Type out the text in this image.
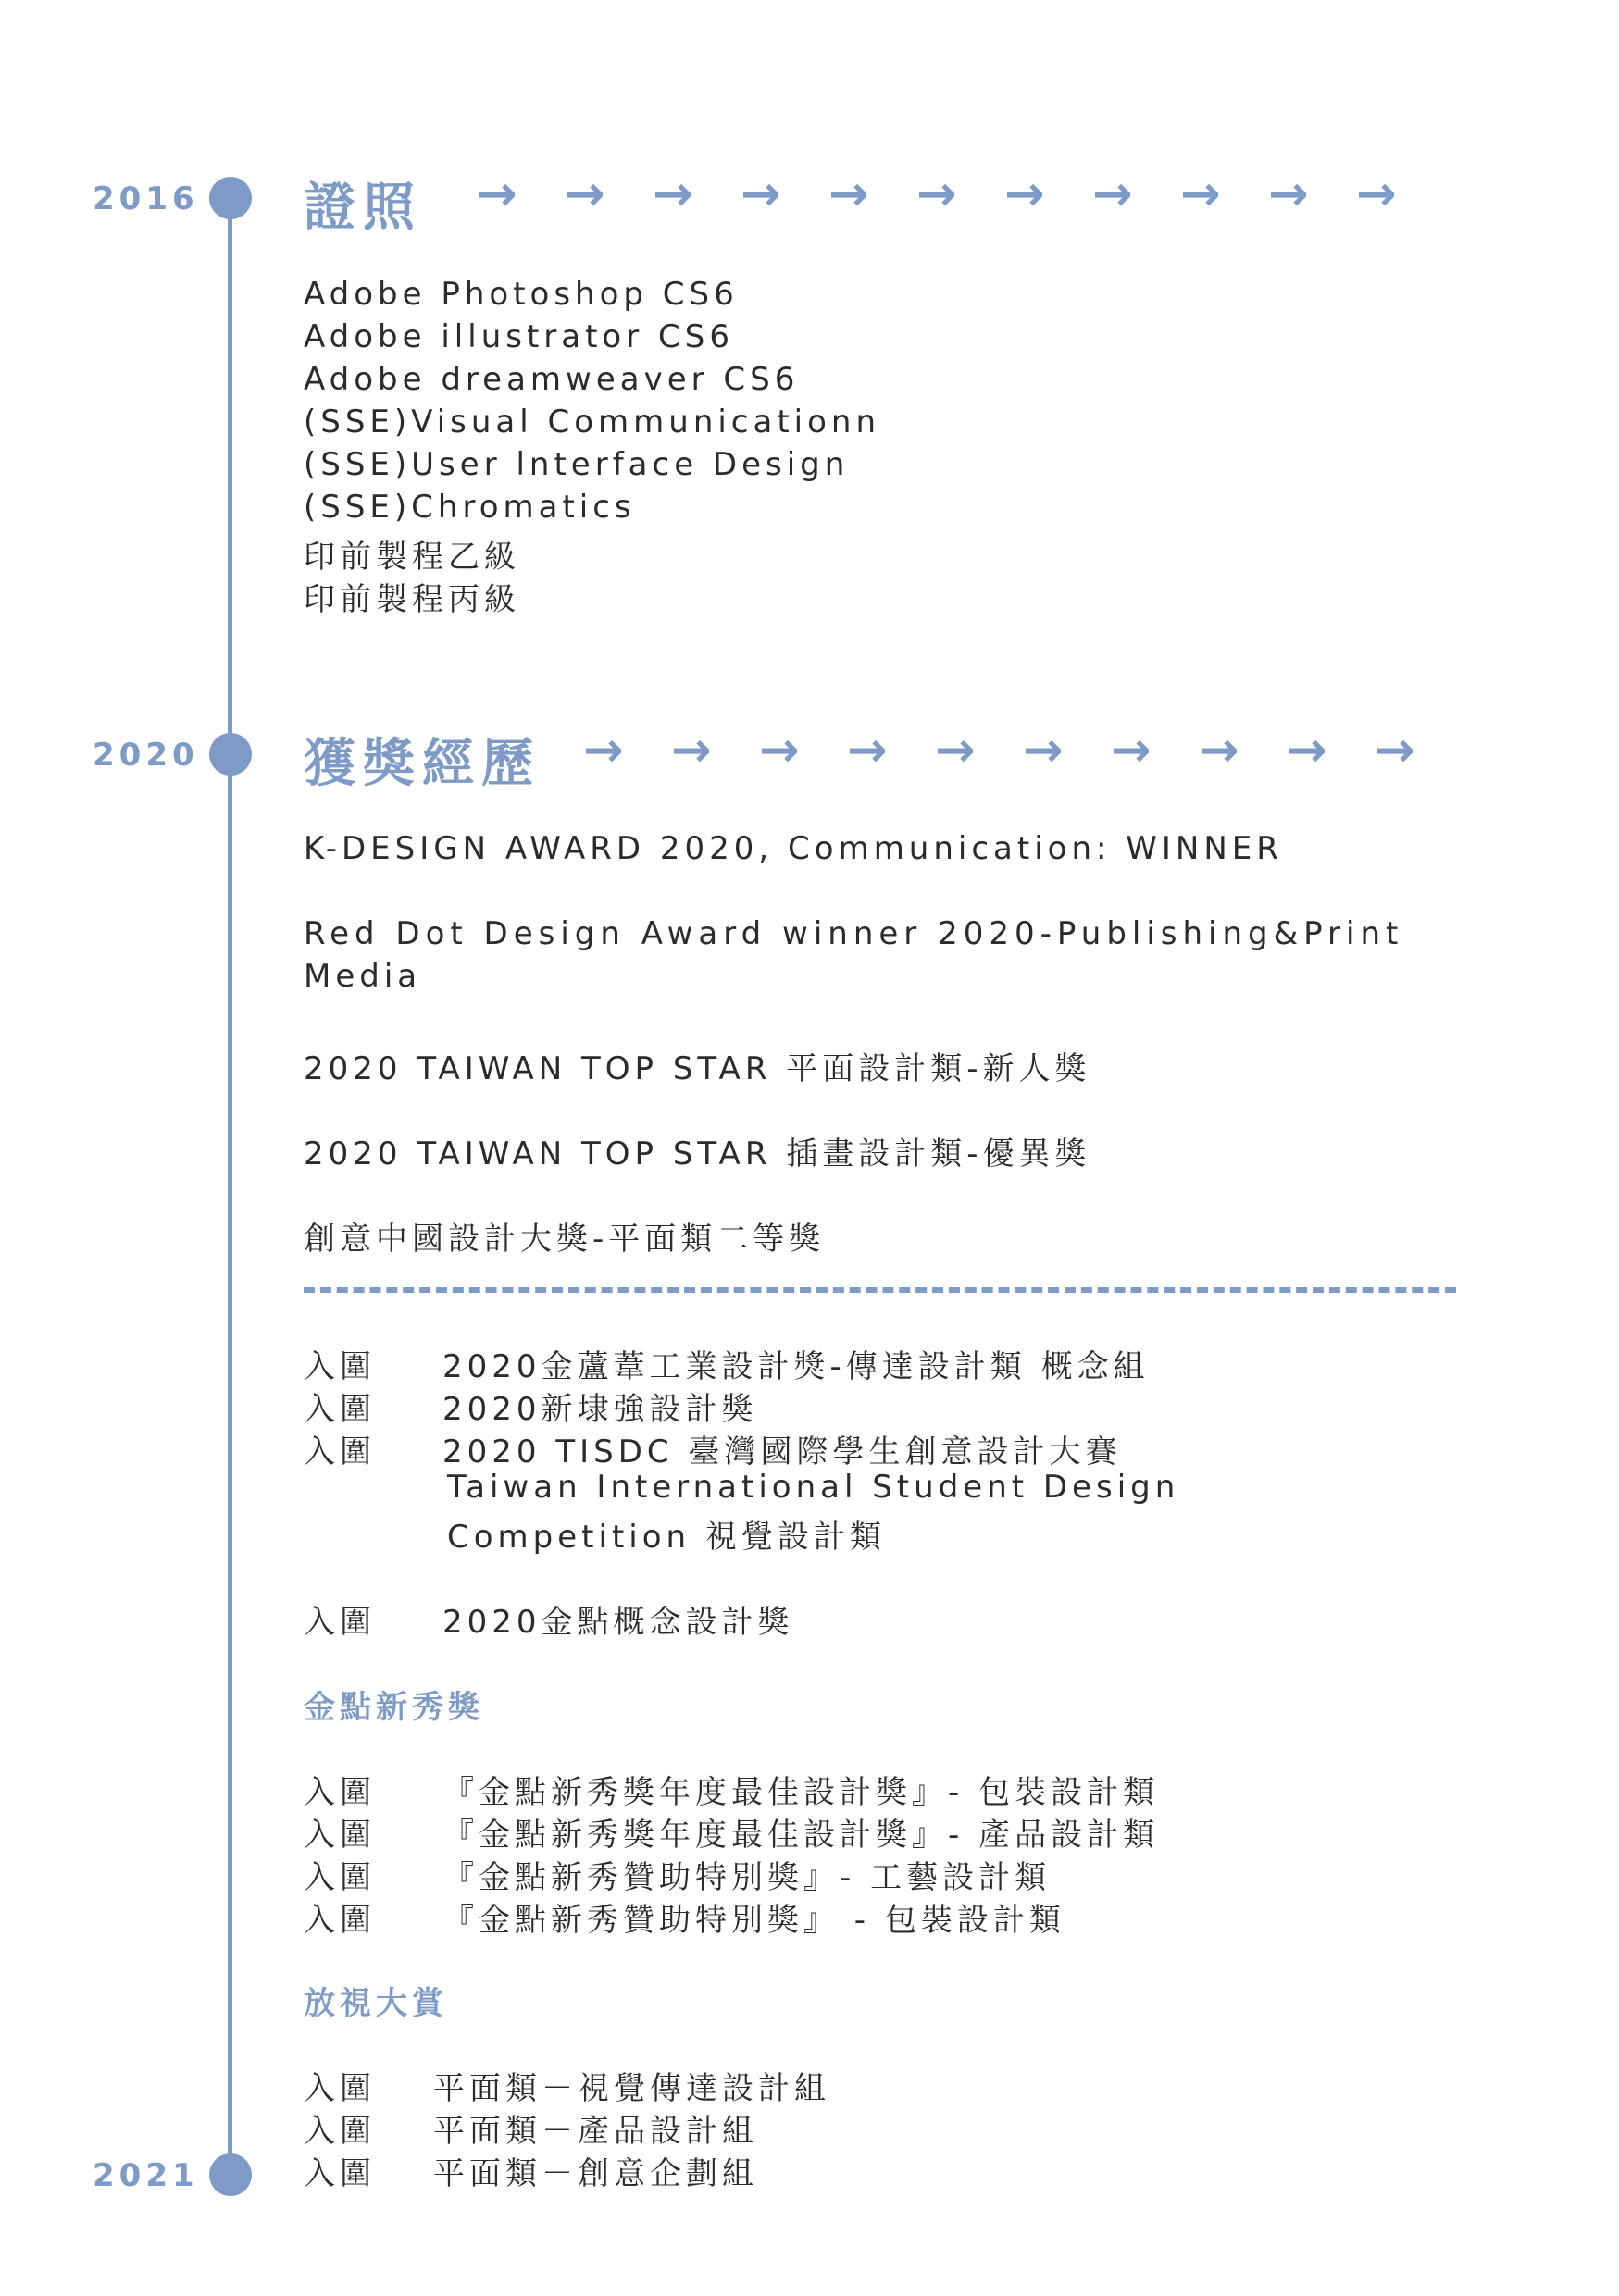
2016
2020
2021
證照 → → → → → → → → → → →
Adobe Photoshop CS6
Adobe illustrator CS6
Adobe dreamweaver CS6
(SSE)Visual Communicationn
(SSE)User lnterface Design
(SSE)Chromatics
印前製程乙級
印前製程丙級
獲獎經歷 → → → → → → → → → →
K-DESIGN AWARD 2020, Communication: WINNER
Red Dot Design Award winner 2020-Publishing&Print
Media
2020 TAIWAN TOP STAR 平面設計類-新人獎
2020 TAIWAN TOP STAR 插畫設計類-優異獎
創意中國設計大獎-平面類二等獎
入圍 2020金蘆葦工業設計獎-傳達設計類 概念組
入圍 2020新埭強設計獎
入圍 2020 TISDC 臺灣國際學生創意設計大賽
Taiwan International Student Design
Competition 視覺設計類
入圍 2020金點概念設計獎
金點新秀獎
入圍 『金點新秀獎年度最佳設計獎』- 包裝設計類
入圍 『金點新秀獎年度最佳設計獎』- 產品設計類
入圍 『金點新秀贊助特別獎』- 工藝設計類
入圍 『金點新秀贊助特別獎』 - 包裝設計類
放視大賞
入圍 平面類－視覺傳達設計組
入圍 平面類－產品設計組
入圍 平面類－創意企劃組
